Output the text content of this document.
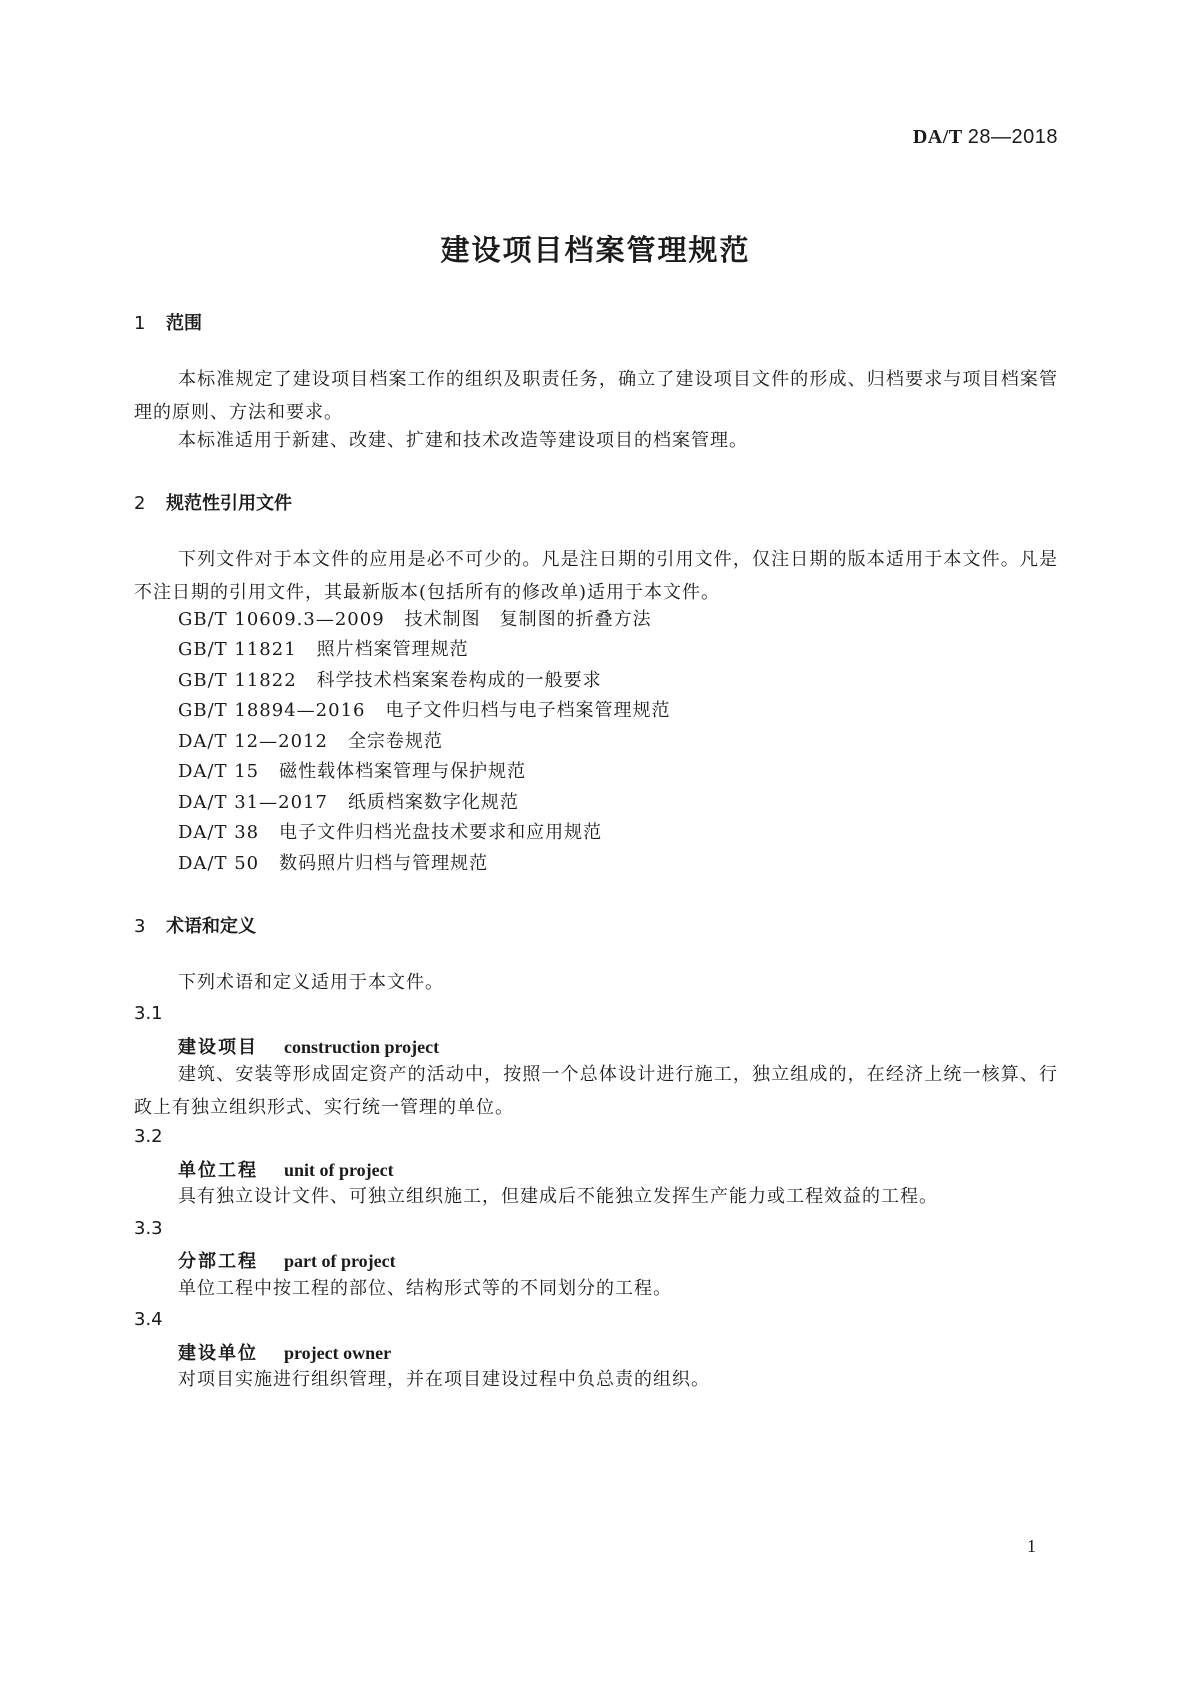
DA/T 28—2018
建设项目档案管理规范
1 范围
本标准规定了建设项目档案工作的组织及职责任务，确立了建设项目文件的形成、归档要求与项目档案管理的原则、方法和要求。
本标准适用于新建、改建、扩建和技术改造等建设项目的档案管理。
2 规范性引用文件
下列文件对于本文件的应用是必不可少的。凡是注日期的引用文件，仅注日期的版本适用于本文件。凡是不注日期的引用文件，其最新版本(包括所有的修改单)适用于本文件。
GB/T 10609.3—2009 技术制图　复制图的折叠方法
GB/T 11821 照片档案管理规范
GB/T 11822 科学技术档案案卷构成的一般要求
GB/T 18894—2016 电子文件归档与电子档案管理规范
DA/T 12—2012 全宗卷规范
DA/T 15 磁性载体档案管理与保护规范
DA/T 31—2017 纸质档案数字化规范
DA/T 38 电子文件归档光盘技术要求和应用规范
DA/T 50 数码照片归档与管理规范
3 术语和定义
下列术语和定义适用于本文件。
3.1
建设项目 construction project
建筑、安装等形成固定资产的活动中，按照一个总体设计进行施工，独立组成的，在经济上统一核算、行政上有独立组织形式、实行统一管理的单位。
3.2
单位工程 unit of project
具有独立设计文件、可独立组织施工，但建成后不能独立发挥生产能力或工程效益的工程。
3.3
分部工程 part of project
单位工程中按工程的部位、结构形式等的不同划分的工程。
3.4
建设单位 project owner
对项目实施进行组织管理，并在项目建设过程中负总责的组织。
1
